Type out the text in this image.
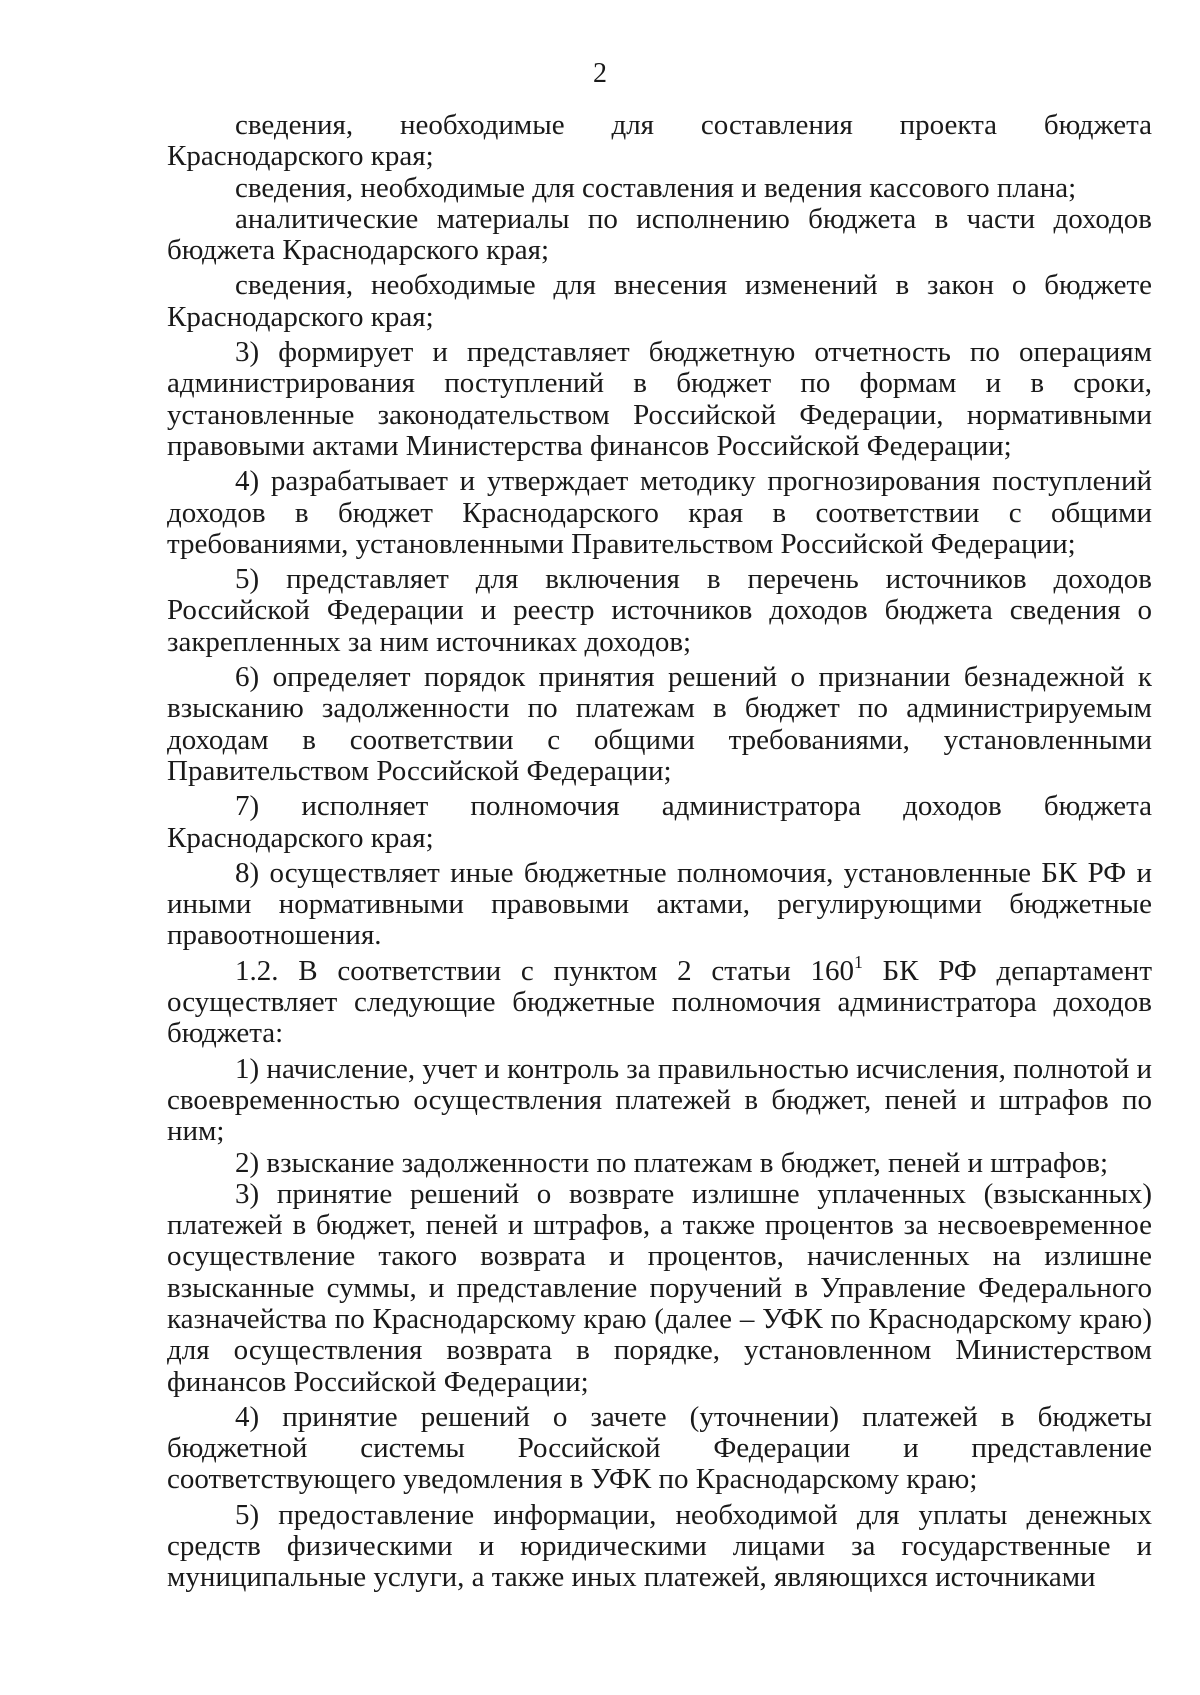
2

сведения, необходимые для составления проекта бюджета Краснодарского края;

сведения, необходимые для составления и ведения кассового плана;

аналитические материалы по исполнению бюджета в части доходов бюджета Краснодарского края;

сведения, необходимые для внесения изменений в закон о бюджете Краснодарского края;

3) формирует и представляет бюджетную отчетность по операциям администрирования поступлений в бюджет по формам и в сроки, установленные законодательством Российской Федерации, нормативными правовыми актами Министерства финансов Российской Федерации;

4) разрабатывает и утверждает методику прогнозирования поступлений доходов в бюджет Краснодарского края в соответствии с общими требованиями, установленными Правительством Российской Федерации;

5) представляет для включения в перечень источников доходов Российской Федерации и реестр источников доходов бюджета сведения о закрепленных за ним источниках доходов;

6) определяет порядок принятия решений о признании безнадежной к взысканию задолженности по платежам в бюджет по администрируемым доходам в соответствии с общими требованиями, установленными Правительством Российской Федерации;

7) исполняет полномочия администратора доходов бюджета Краснодарского края;

8) осуществляет иные бюджетные полномочия, установленные БК РФ и иными нормативными правовыми актами, регулирующими бюджетные правоотношения.

1.2. В соответствии с пунктом 2 статьи $160^1$ БК РФ департамент осуществляет следующие бюджетные полномочия администратора доходов бюджета:

1) начисление, учет и контроль за правильностью исчисления, полнотой и своевременностью осуществления платежей в бюджет, пеней и штрафов по ним;

2) взыскание задолженности по платежам в бюджет, пеней и штрафов;

3) принятие решений о возврате излишне уплаченных (взысканных) платежей в бюджет, пеней и штрафов, а также процентов за несвоевременное осуществление такого возврата и процентов, начисленных на излишне взысканные суммы, и представление поручений в Управление Федерального казначейства по Краснодарскому краю (далее – УФК по Краснодарскому краю) для осуществления возврата в порядке, установленном Министерством финансов Российской Федерации;

4) принятие решений о зачете (уточнении) платежей в бюджеты бюджетной системы Российской Федерации и представление соответствующего уведомления в УФК по Краснодарскому краю;

5) предоставление информации, необходимой для уплаты денежных средств физическими и юридическими лицами за государственные и муниципальные услуги, а также иных платежей, являющихся источниками
